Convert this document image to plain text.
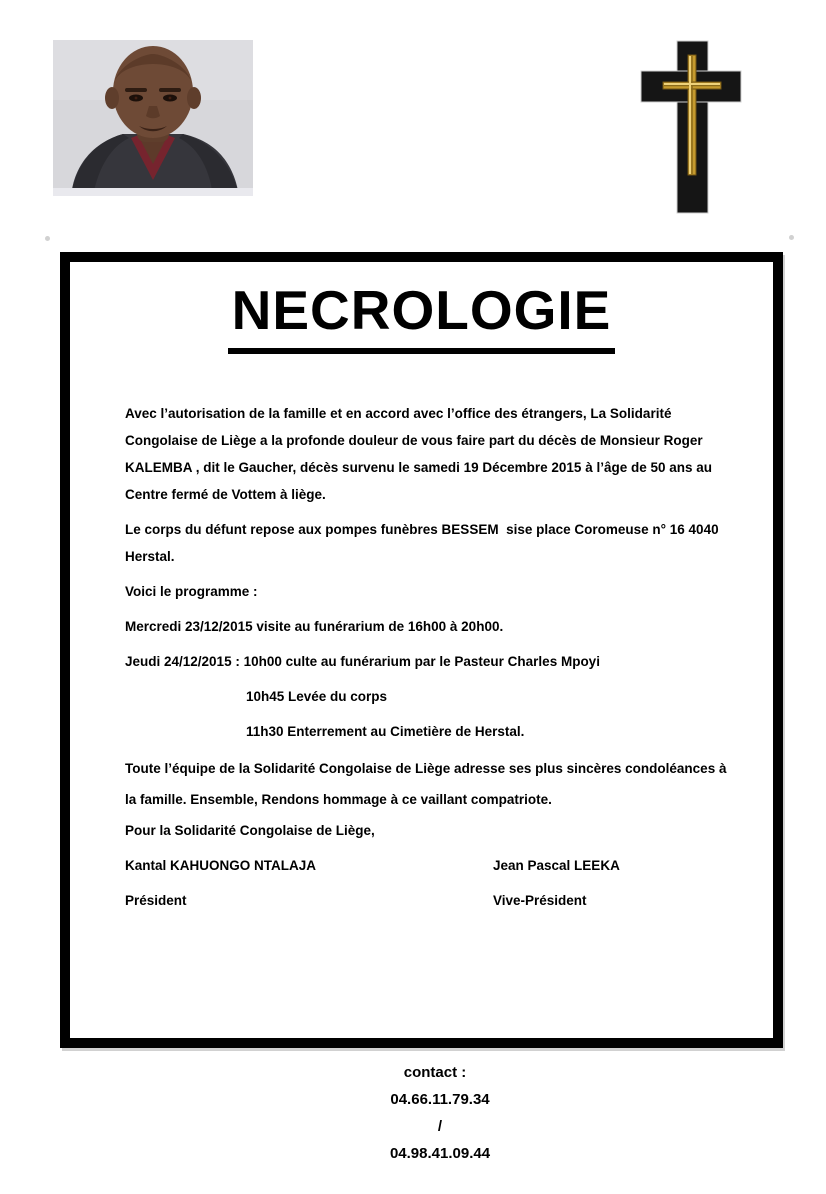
NECROLOGIE

Avec l’autorisation de la famille et en accord avec l’office des étrangers, La Solidarité Congolaise de Liège a la profonde douleur de vous faire part du décès de Monsieur Roger KALEMBA , dit le Gaucher, décès survenu le samedi 19 Décembre 2015 à l’âge de 50 ans au Centre fermé de Vottem à liège.

Le corps du défunt repose aux pompes funèbres BESSEM  sise place Coromeuse n° 16 4040 Herstal.

Voici le programme :

Mercredi 23/12/2015 visite au funérarium de 16h00 à 20h00.

Jeudi 24/12/2015 : 10h00 culte au funérarium par le Pasteur Charles Mpoyi

10h45 Levée du corps

11h30 Enterrement au Cimetière de Herstal.

Toute l’équipe de la Solidarité Congolaise de Liège adresse ses plus sincères condoléances à la famille. Ensemble, Rendons hommage à ce vaillant compatriote.

Pour la Solidarité Congolaise de Liège,

Kantal KAHUONGO NTALAJA	Jean Pascal LEEKA

Président	Vive-Président

contact :
04.66.11.79.34
/
04.98.41.09.44
